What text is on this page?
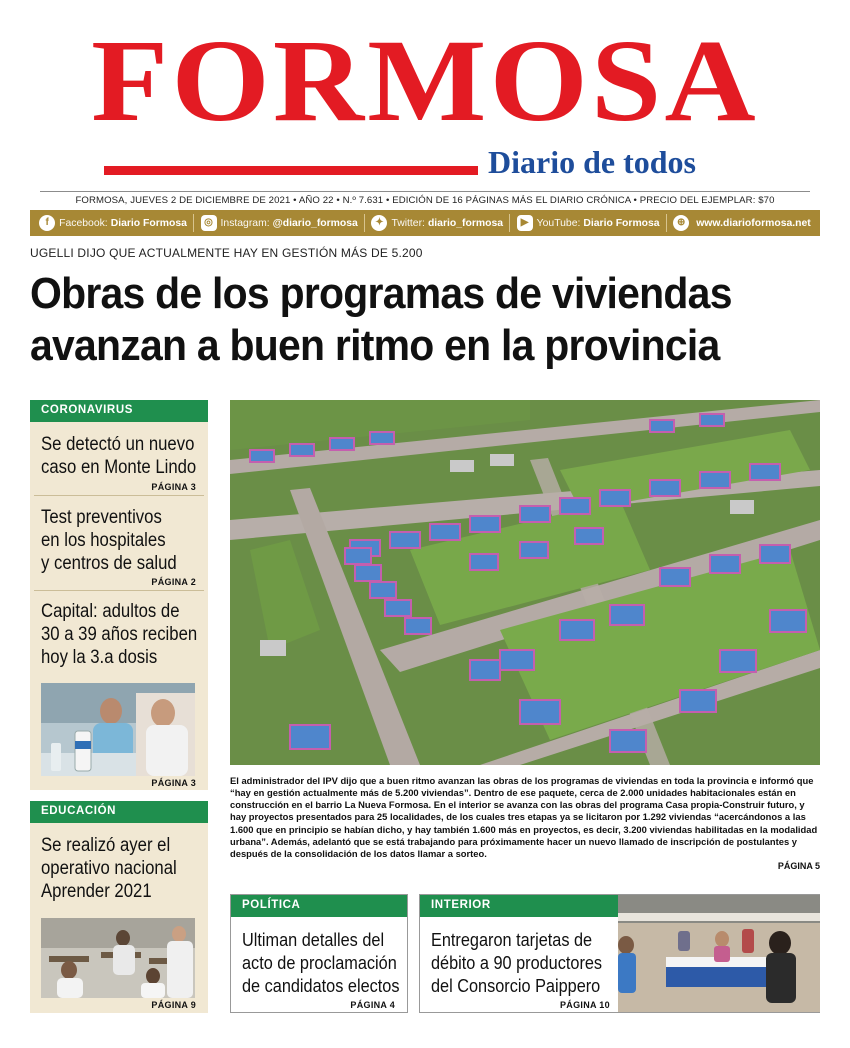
FORMOSA
Diario de todos
FORMOSA, JUEVES 2 DE DICIEMBRE DE 2021 • AÑO 22 • N.º 7.631 • EDICIÓN DE 16 PÁGINAS MÁS EL DIARIO CRÓNICA • PRECIO DEL EJEMPLAR: $70
f Facebook: Diario Formosa	◎ Instagram: @diario_formosa	✦ Twitter: diario_formosa	▶ YouTube: Diario Formosa	⊕	www.diarioformosa.net
UGELLI DIJO QUE ACTUALMENTE HAY EN GESTIÓN MÁS DE 5.200
Obras de los programas de viviendas
avanzan a buen ritmo en la provincia
CORONAVIRUS
Se detectó un nuevo
caso en Monte Lindo
PÁGINA 3
Test preventivos
en los hospitales
y centros de salud
PÁGINA 2
Capital: adultos de
30 a 39 años reciben
hoy la 3.a dosis
PÁGINA 3
EDUCACIÓN
Se realizó ayer el
operativo nacional
Aprender 2021
PÁGINA 9
El administrador del IPV dijo que a buen ritmo avanzan las obras de los programas de viviendas en toda la provincia e informó que “hay en gestión actualmente más de 5.200 viviendas”. Dentro de ese paquete, cerca de 2.000 unidades habitacionales están en construcción en el barrio La Nueva Formosa. En el interior se avanza con las obras del programa Casa propia-Construir futuro, y hay proyectos presentados para 25 localidades, de los cuales tres etapas ya se licitaron por 1.292 viviendas “acercándonos a las 1.600 que en principio se habían dicho, y hay también 1.600 más en proyectos, es decir, 3.200 viviendas habilitadas en la modalidad urbana”. Además, adelantó que se está trabajando para próximamente hacer un nuevo llamado de inscripción de postulantes y después de la consolidación de los datos llamar a sorteo.
PÁGINA 5
POLÍTICA
Ultiman detalles del
acto de proclamación
de candidatos electos
PÁGINA 4
INTERIOR
Entregaron tarjetas de
débito a 90 productores
del Consorcio Paippero
PÁGINA 10
